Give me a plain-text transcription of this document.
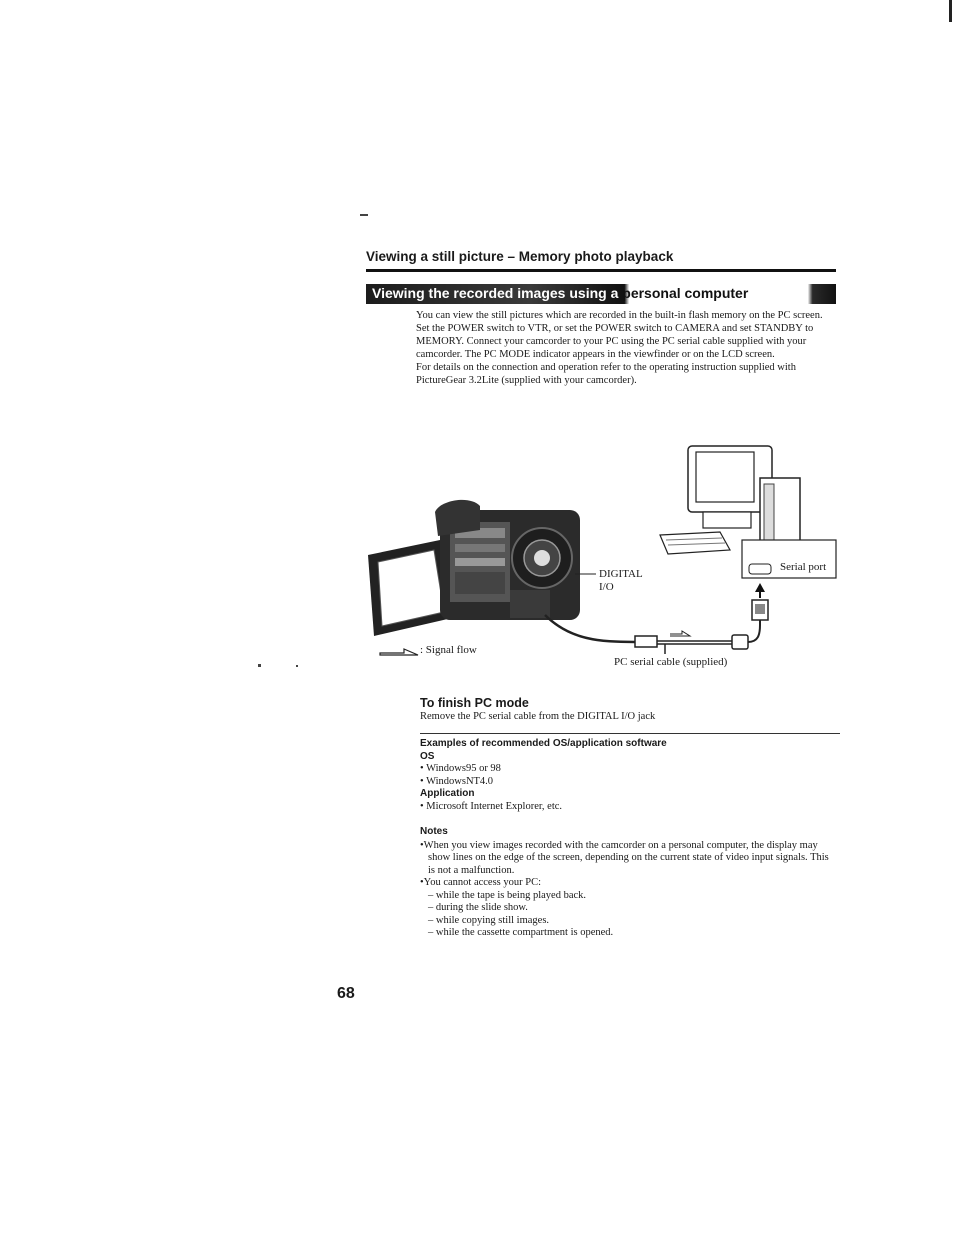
Viewing a still picture – Memory photo playback
Viewing the recorded images using a personal computer

You can view the still pictures which are recorded in the built-in flash memory on the PC screen.

Set the POWER switch to VTR, or set the POWER switch to CAMERA and set STANDBY to MEMORY. Connect your camcorder to your PC using the PC serial cable supplied with your camcorder. The PC MODE indicator appears in the viewfinder or on the LCD screen.

For details on the connection and operation refer to the operating instruction supplied with PictureGear 3.2Lite (supplied with your camcorder).

DIGITAL
I/O
Serial port
: Signal flow
PC serial cable (supplied)
To finish PC mode
Remove the PC serial cable from the DIGITAL I/O jack
Examples of recommended OS/application software
OS
• Windows95 or 98
• WindowsNT4.0
Application
• Microsoft Internet Explorer, etc.
Notes
•When you view images recorded with the camcorder on a personal computer, the display may show lines on the edge of the screen, depending on the current state of video input signals. This is not a malfunction.
•You cannot access your PC:
– while the tape is being played back.
– during the slide show.
– while copying still images.
– while the cassette compartment is opened.
68
